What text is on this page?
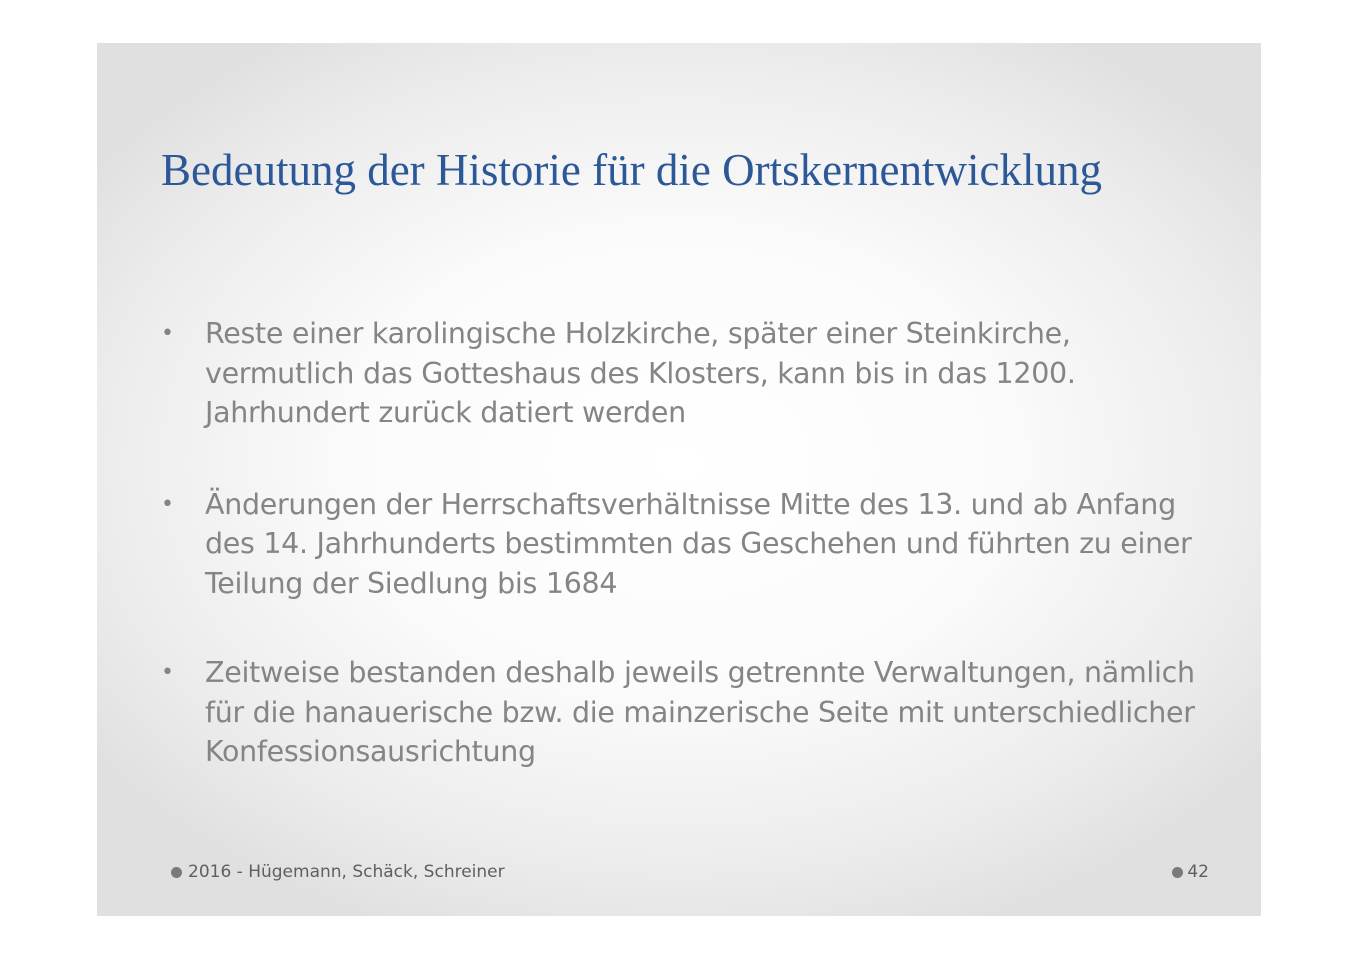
Bedeutung der Historie für die Ortskernentwicklung
• Reste einer karolingische Holzkirche, später einer Steinkirche, vermutlich das Gotteshaus des Klosters, kann bis in das 1200. Jahrhundert zurück datiert werden
• Änderungen der Herrschaftsverhältnisse Mitte des 13. und ab Anfang des 14. Jahrhunderts bestimmten das Geschehen und führten zu einer Teilung der Siedlung bis 1684
• Zeitweise bestanden deshalb jeweils getrennte Verwaltungen, nämlich für die hanauerische bzw. die mainzerische Seite mit unterschiedlicher Konfessionsausrichtung
2016 - Hügemann, Schäck, Schreiner	42
